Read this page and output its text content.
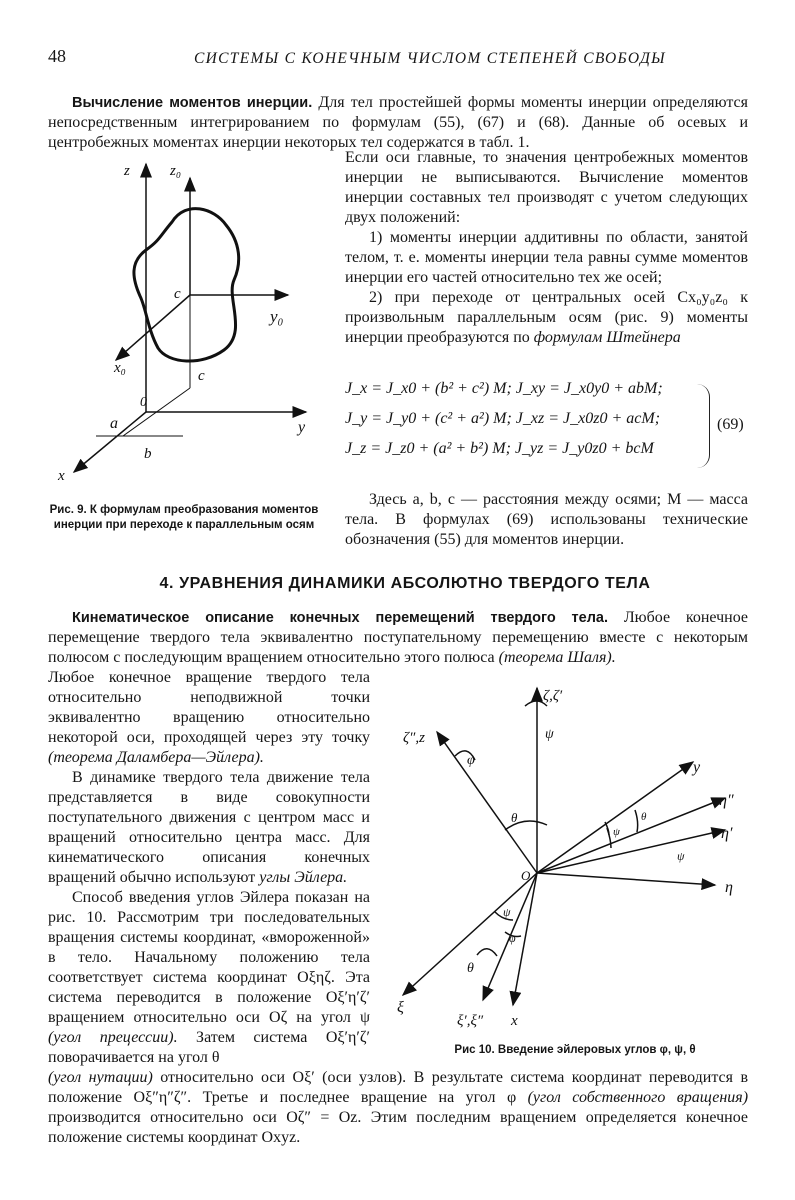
48	СИСТЕМЫ С КОНЕЧНЫМ ЧИСЛОМ СТЕПЕНЕЙ СВОБОДЫ

Вычисление моментов инерции. Для тел простейшей формы моменты инерции определяются непосредственным интегрированием по формулам (55), (67) и (68). Данные об осевых и центробежных моментах инерции некоторых тел содержатся в табл. 1.

z	z₀
c
y₀
x₀	c
0
a	y
b
x
Рис. 9. К формулам преобразования моментов инерции при переходе к параллельным осям

Если оси главные, то значения центробежных моментов инерции не выписываются. Вычисление моментов инерции составных тел производят с учетом следующих двух положений:

1) моменты инерции аддитивны по области, занятой телом, т. е. моменты инерции тела равны сумме моментов инерции его частей относительно тех же осей;

2) при переходе от центральных осей Cx₀y₀z₀ к произвольным параллельным осям (рис. 9) моменты инерции преобразуются по формулам Штейнера

J_x = J_x0 + (b² + c²) M; J_xy = J_x0y0 + abM;
J_y = J_y0 + (c² + a²) M; J_xz = J_x0z0 + acM;
J_z = J_z0 + (a² + b²) M; J_yz = J_y0z0 + bcM
(69)

Здесь a, b, c — расстояния между осями; M — масса тела. В формулах (69) использованы технические обозначения (55) для моментов инерции.

4. УРАВНЕНИЯ ДИНАМИКИ АБСОЛЮТНО ТВЕРДОГО ТЕЛА

Кинематическое описание конечных перемещений твердого тела. Любое конечное перемещение твердого тела эквивалентно поступательному перемещению вместе с некоторым полюсом с последующим вращением относительно этого полюса (теорема Шаля).

Любое конечное вращение твердого тела относительно неподвижной точки эквивалентно вращению относительно некоторой оси, проходящей через эту точку (теорема Даламбера—Эйлера).

В динамике твердого тела движение тела представляется в виде совокупности поступательного движения с центром масс и вращений относительно центра масс. Для кинематического описания конечных вращений обычно используют углы Эйлера.

Способ введения углов Эйлера показан на рис. 10. Рассмотрим три последовательных вращения системы координат, «вмороженной» в тело. Начальному положению тела соответствует система координат Oξηζ. Эта система переводится в положение Oξ′η′ζ′ вращением относительно оси Oζ на угол ψ (угол прецессии). Затем система Oξ′η′ζ′ поворачивается на угол θ

(угол нутации) относительно оси Oξ′ (оси узлов). В результате система координат переводится в положение Oξ″η″ζ″. Третье и последнее вращение на угол φ (угол собственного вращения) производится относительно оси Oζ″ = Oz. Этим последним вращением определяется конечное положение системы координат Oxyz.

ζ,ζ′
ψ
ζ″,z
φ	y
η″
θ
ψ
θ
η′
ψ
O
η
ψ
φ
θ
ξ
ξ′,ξ″ x
Рис 10. Введение эйлеровых углов φ, ψ, θ
